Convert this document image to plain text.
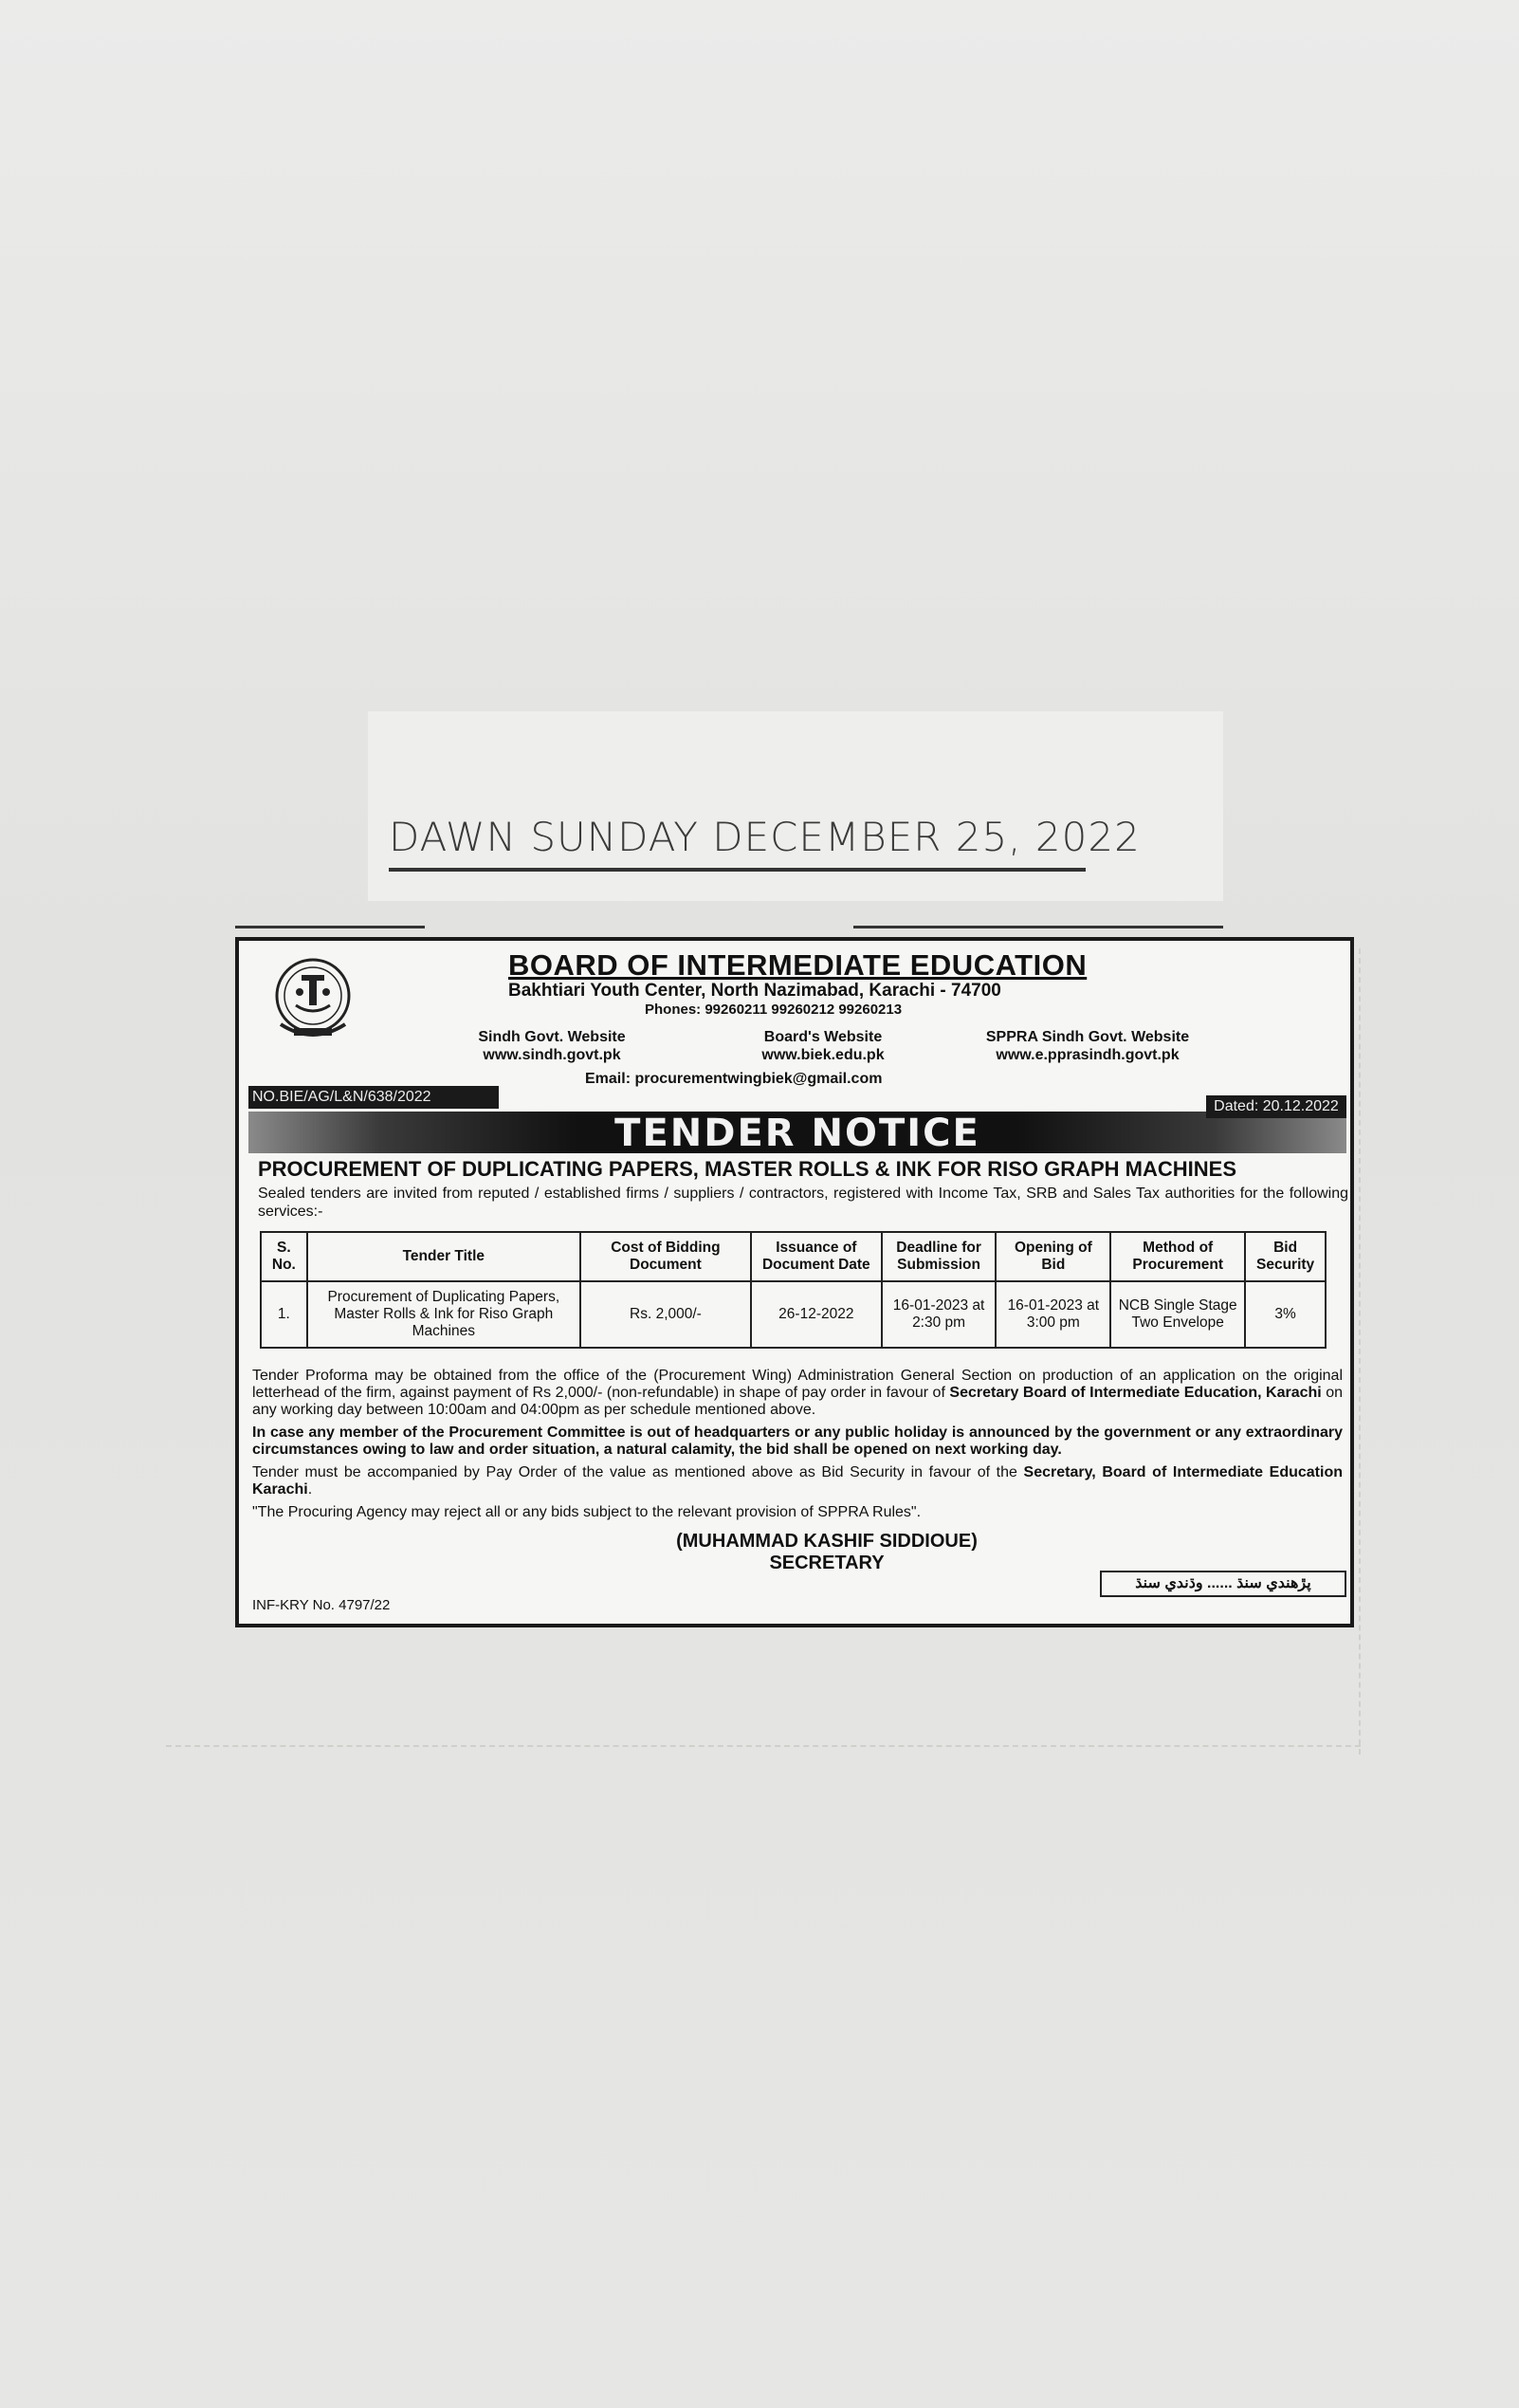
DAWN SUNDAY DECEMBER 25, 2022
BOARD OF INTERMEDIATE EDUCATION
Bakhtiari Youth Center, North Nazimabad, Karachi - 74700
Phones: 99260211 99260212 99260213
Sindh Govt. Website
www.sindh.govt.pk
Board's Website
www.biek.edu.pk
SPPRA Sindh Govt. Website
www.e.pprasindh.govt.pk
Email: procurementwingbiek@gmail.com
TENDER NOTICE
NO.BIE/AG/L&N/638/2022
Dated: 20.12.2022
PROCUREMENT OF DUPLICATING PAPERS, MASTER ROLLS & INK FOR RISO GRAPH MACHINES
Sealed tenders are invited from reputed / established firms / suppliers / contractors, registered with Income Tax, SRB and Sales Tax authorities for the following services:-
S. No.	Tender Title	Cost of Bidding Document	Issuance of Document Date	Deadline for Submission	Opening of Bid	Method of Procurement	Bid Security
1.	Procurement of Duplicating Papers, Master Rolls & Ink for Riso Graph Machines	Rs. 2,000/-	26-12-2022	16-01-2023 at 2:30 pm	16-01-2023 at 3:00 pm	NCB Single Stage Two Envelope	3%
Tender Proforma may be obtained from the office of the (Procurement Wing) Administration General Section on production of an application on the original letterhead of the firm, against payment of Rs 2,000/- (non-refundable) in shape of pay order in favour of Secretary Board of Intermediate Education, Karachi on any working day between 10:00am and 04:00pm as per schedule mentioned above.
In case any member of the Procurement Committee is out of headquarters or any public holiday is announced by the government or any extraordinary circumstances owing to law and order situation, a natural calamity, the bid shall be opened on next working day.
Tender must be accompanied by Pay Order of the value as mentioned above as Bid Security in favour of the Secretary, Board of Intermediate Education Karachi.
"The Procuring Agency may reject all or any bids subject to the relevant provision of SPPRA Rules".
(MUHAMMAD KASHIF SIDDIOUE)
SECRETARY
پڙهندي سنڌ ...... وڌندي سنڌ
INF-KRY No. 4797/22
